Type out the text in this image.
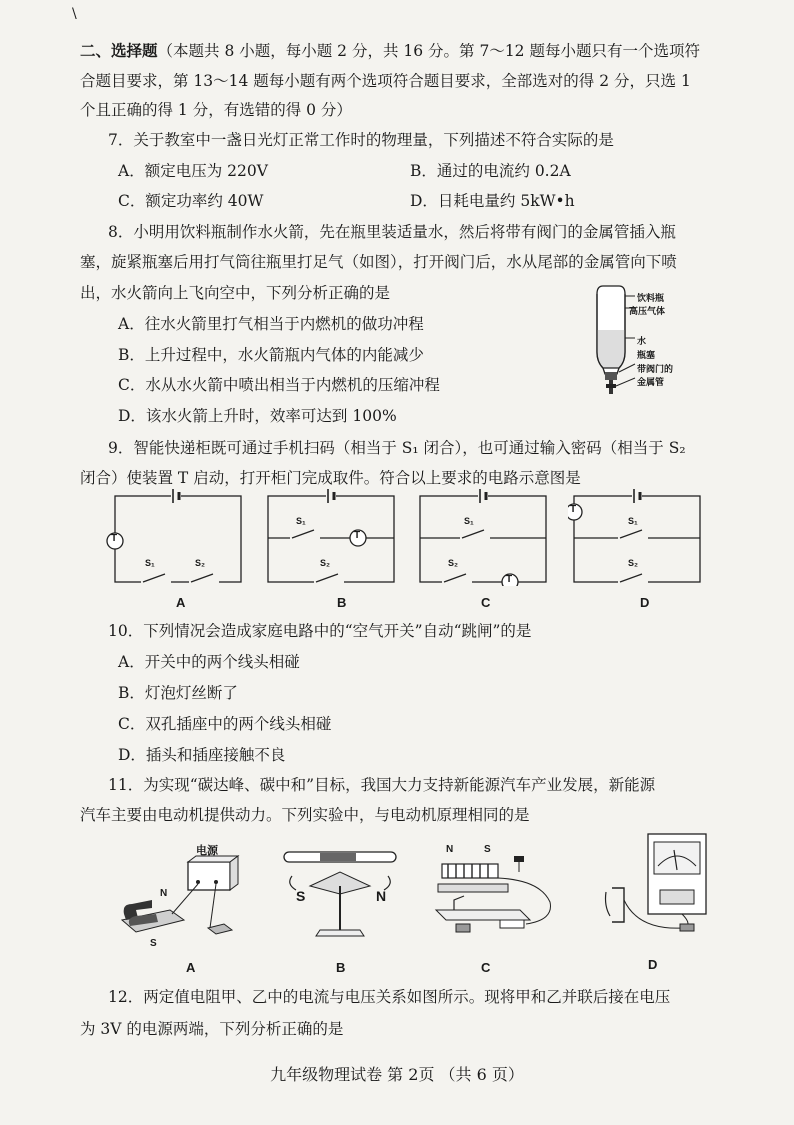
\
二、选择题（本题共 8 小题，每小题 2 分，共 16 分。第 7～12 题每小题只有一个选项符
合题目要求，第 13～14 题每小题有两个选项符合题目要求，全部选对的得 2 分，只选 1
个且正确的得 1 分，有选错的得 0 分）
7．关于教室中一盏日光灯正常工作时的物理量，下列描述不符合实际的是
A．额定电压为 220V	B．通过的电流约 0.2A
C．额定功率约 40W	D．日耗电量约 5kW•h
8．小明用饮料瓶制作水火箭，先在瓶里装适量水，然后将带有阀门的金属管插入瓶
塞，旋紧瓶塞后用打气筒往瓶里打足气（如图），打开阀门后，水从尾部的金属管向下喷
出，水火箭向上飞向空中，下列分析正确的是
A．往水火箭里打气相当于内燃机的做功冲程
B．上升过程中，水火箭瓶内气体的内能减少
C．水从水火箭中喷出相当于内燃机的压缩冲程
D．该水火箭上升时，效率可达到 100%
饮料瓶
高压气体
水
瓶塞
带阀门的
金属管
9．智能快递柜既可通过手机扫码（相当于 S₁ 闭合），也可通过输入密码（相当于 S₂
闭合）使装置 T 启动，打开柜门完成取件。符合以上要求的电路示意图是
T
S₁	S₂
A
T
S₁
S₂
B
T
S₁
S₂
C
T
S₁
S₂
D
10．下列情况会造成家庭电路中的“空气开关”自动“跳闸”的是
A．开关中的两个线头相碰
B．灯泡灯丝断了
C．双孔插座中的两个线头相碰
D．插头和插座接触不良
11．为实现“碳达峰、碳中和”目标，我国大力支持新能源汽车产业发展，新能源
汽车主要由电动机提供动力。下列实验中，与电动机原理相同的是
电源
N
S
A
S	N
B
N	S
C	D
12．两定值电阻甲、乙中的电流与电压关系如图所示。现将甲和乙并联后接在电压
为 3V 的电源两端，下列分析正确的是
九年级物理试卷 第 2页 （共 6 页）
